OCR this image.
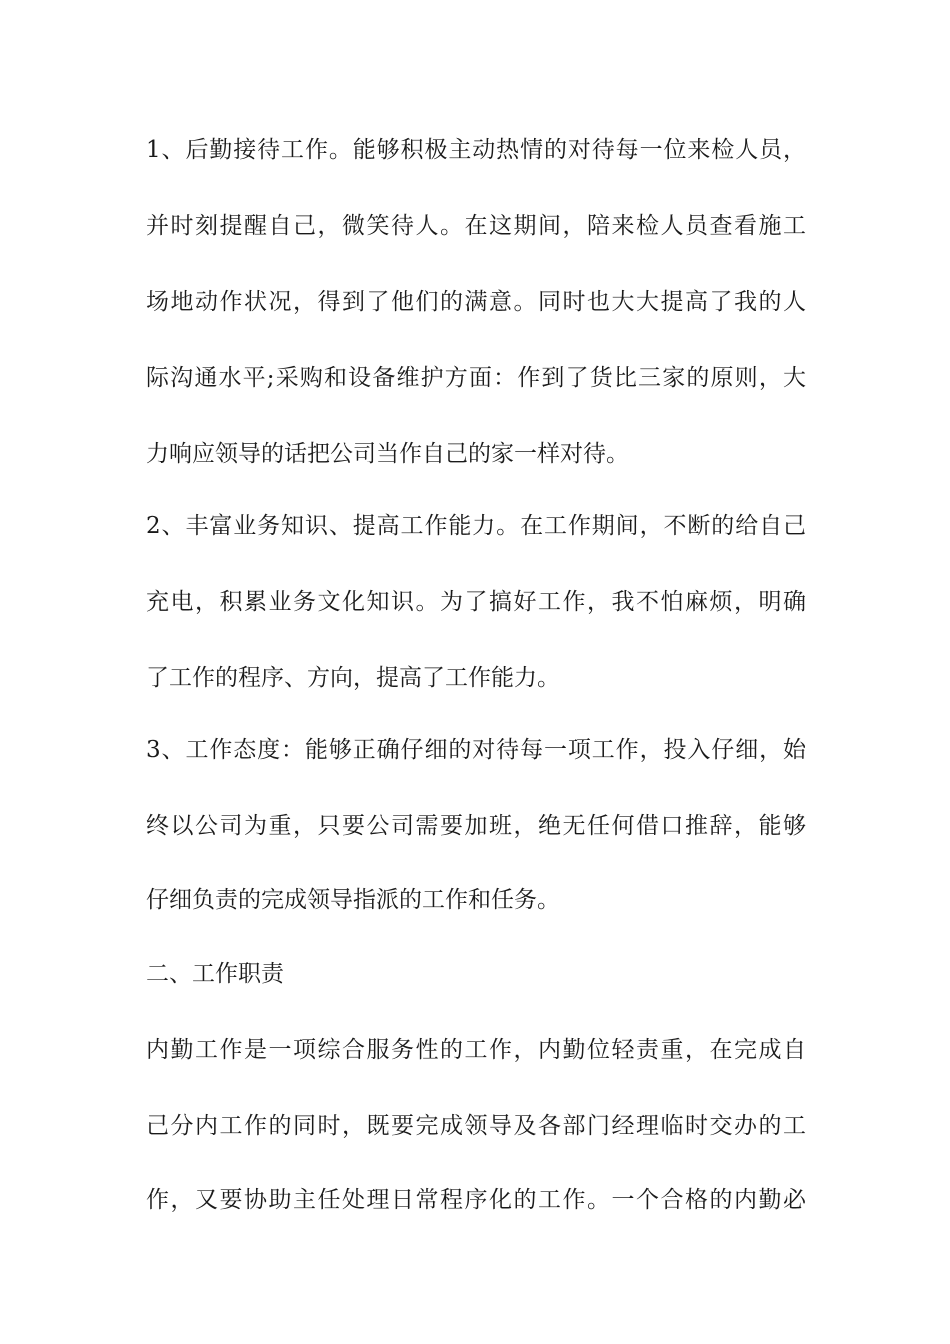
1、后勤接待工作。能够积极主动热情的对待每一位来检人员，
并时刻提醒自己，微笑待人。在这期间，陪来检人员查看施工
场地动作状况，得到了他们的满意。同时也大大提高了我的人
际沟通水平;采购和设备维护方面：作到了货比三家的原则，大
力响应领导的话把公司当作自己的家一样对待。
2、丰富业务知识、提高工作能力。在工作期间，不断的给自己
充电，积累业务文化知识。为了搞好工作，我不怕麻烦，明确
了工作的程序、方向，提高了工作能力。
3、工作态度：能够正确仔细的对待每一项工作，投入仔细，始
终以公司为重，只要公司需要加班，绝无任何借口推辞，能够
仔细负责的完成领导指派的工作和任务。
二、工作职责
内勤工作是一项综合服务性的工作，内勤位轻责重，在完成自
己分内工作的同时，既要完成领导及各部门经理临时交办的工
作，又要协助主任处理日常程序化的工作。一个合格的内勤必
